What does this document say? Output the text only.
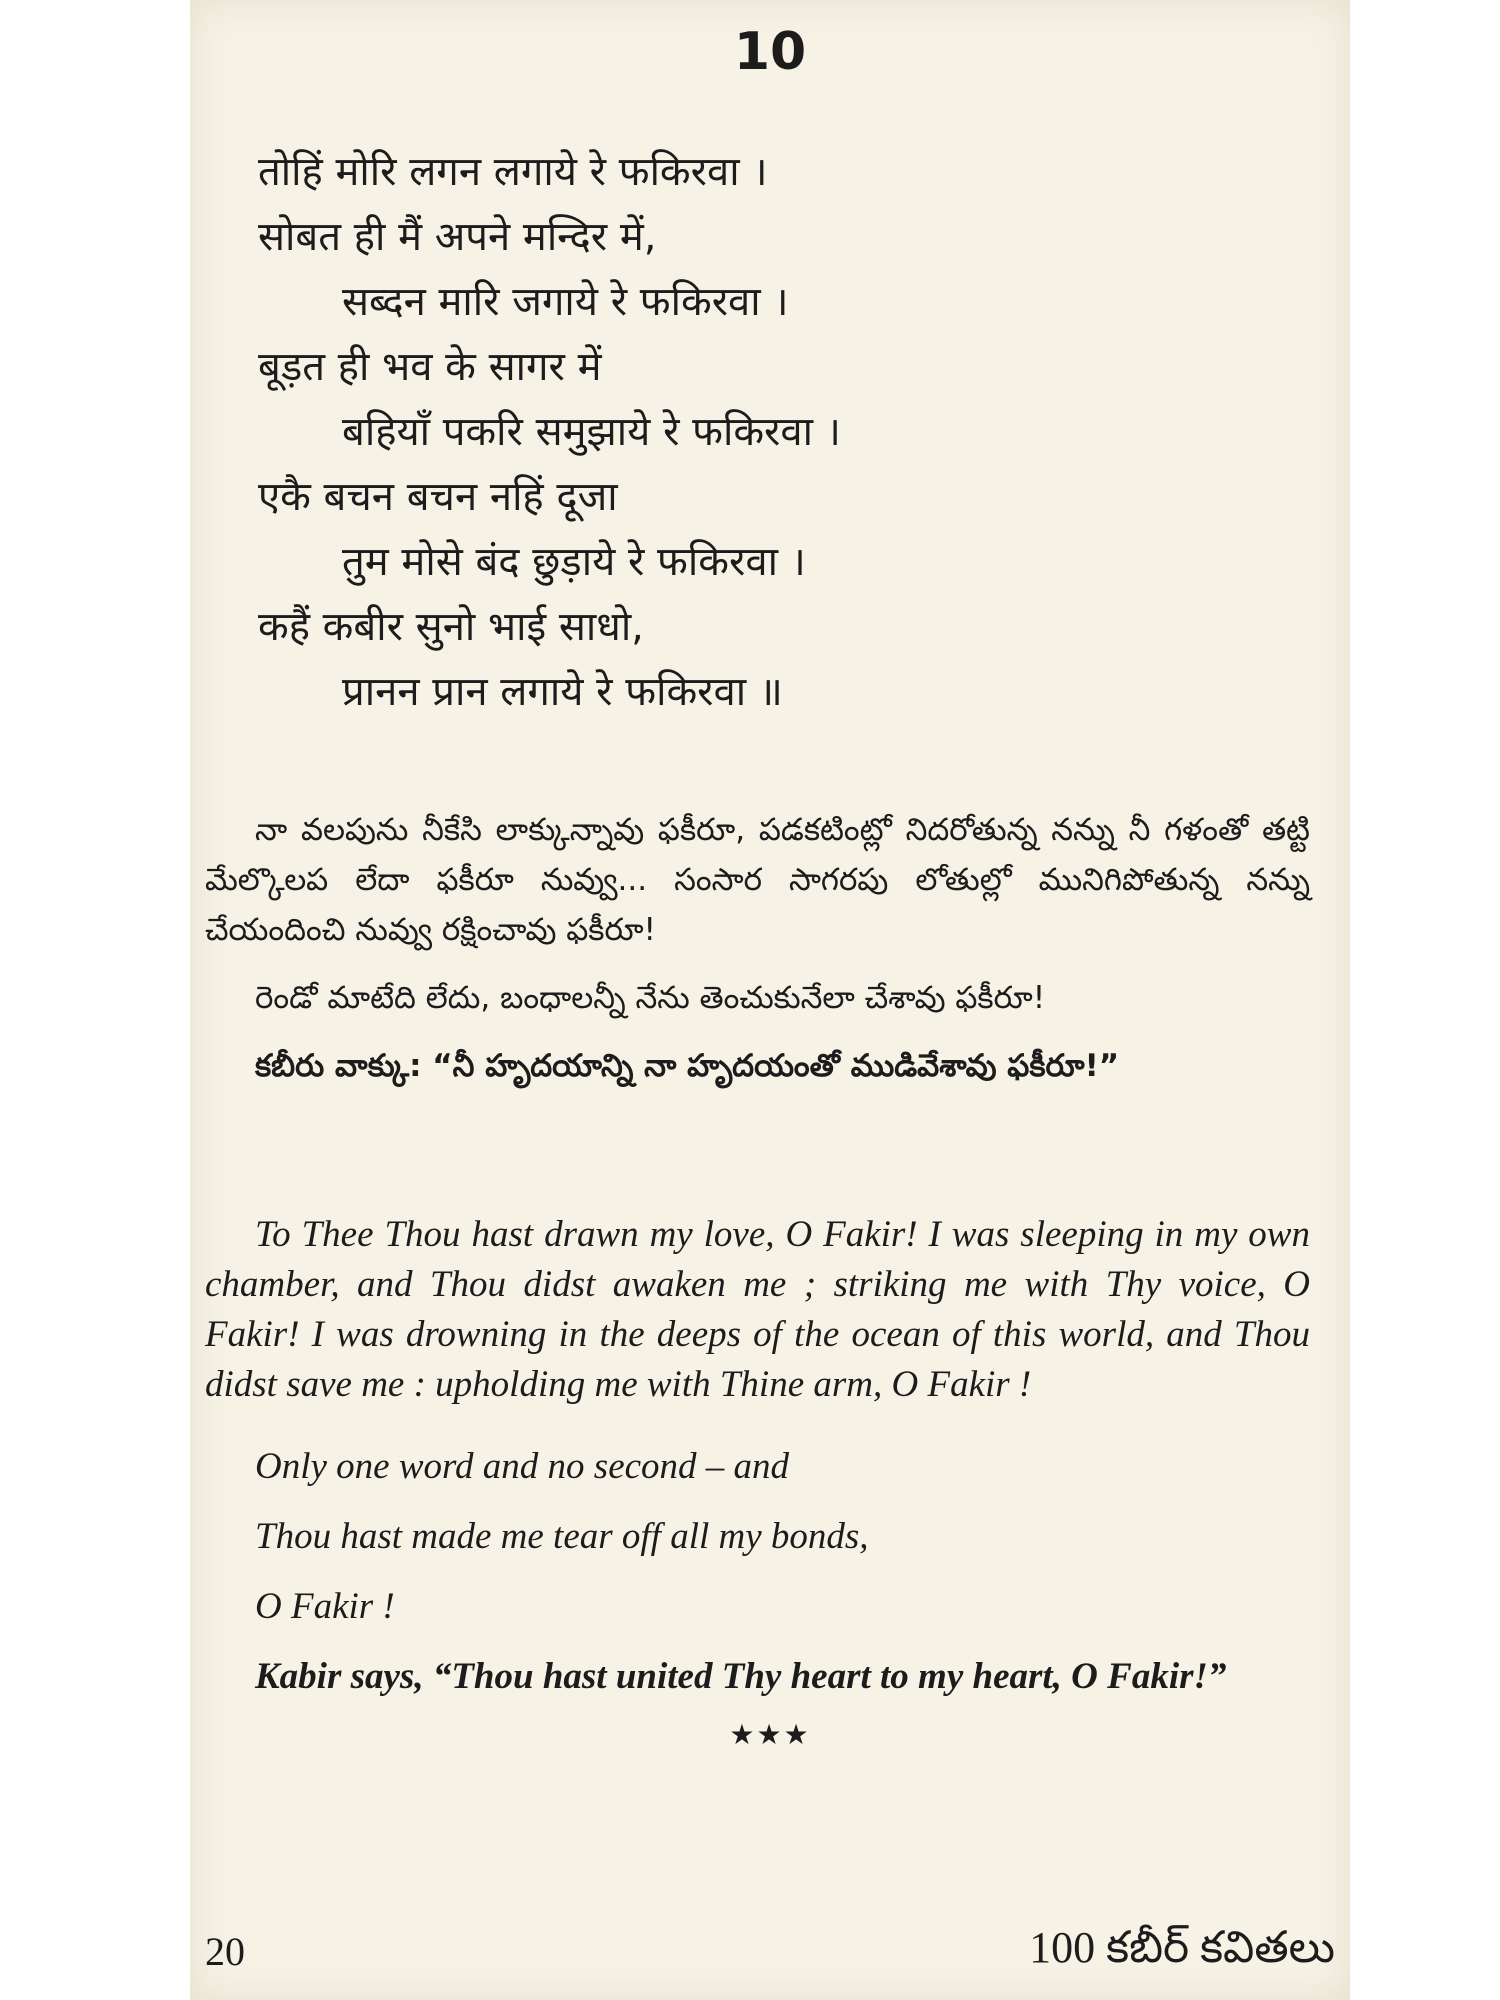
10
तोहिं मोरि लगन लगाये रे फकिरवा ।
सोबत ही मैं अपने मन्दिर में,
सब्दन मारि जगाये रे फकिरवा ।
बूड़त ही भव के सागर में
बहियाँ पकरि समुझाये रे फकिरवा ।
एकै बचन बचन नहिं दूजा
तुम मोसे बंद छुड़ाये रे फकिरवा ।
कहैं कबीर सुनो भाई साधो,
प्रानन प्रान लगाये रे फकिरवा ॥

నా వలపును నీకేసి లాక్కున్నావు ఫకీరూ, పడకటింట్లో నిదరోతున్న నన్ను నీ గళంతో తట్టి మేల్కొలప లేదా ఫకీరూ నువ్వు... సంసార సాగరపు లోతుల్లో మునిగిపోతున్న నన్ను చేయందించి నువ్వు రక్షించావు ఫకీరూ!

రెండో మాటేది లేదు, బంధాలన్నీ నేను తెంచుకునేలా చేశావు ఫకీరూ!

కబీరు వాక్కు: “నీ హృదయాన్ని నా హృదయంతో ముడివేశావు ఫకీరూ!”

To Thee Thou hast drawn my love, O Fakir! I was sleeping in my own chamber, and Thou didst awaken me ; striking me with Thy voice, O Fakir! I was drowning in the deeps of the ocean of this world, and Thou didst save me : upholding me with Thine arm, O Fakir !

Only one word and no second – and
Thou hast made me tear off all my bonds,
O Fakir !
Kabir says, “Thou hast united Thy heart to my heart, O Fakir!”
★★★
20	100 కబీర్ కవితలు
